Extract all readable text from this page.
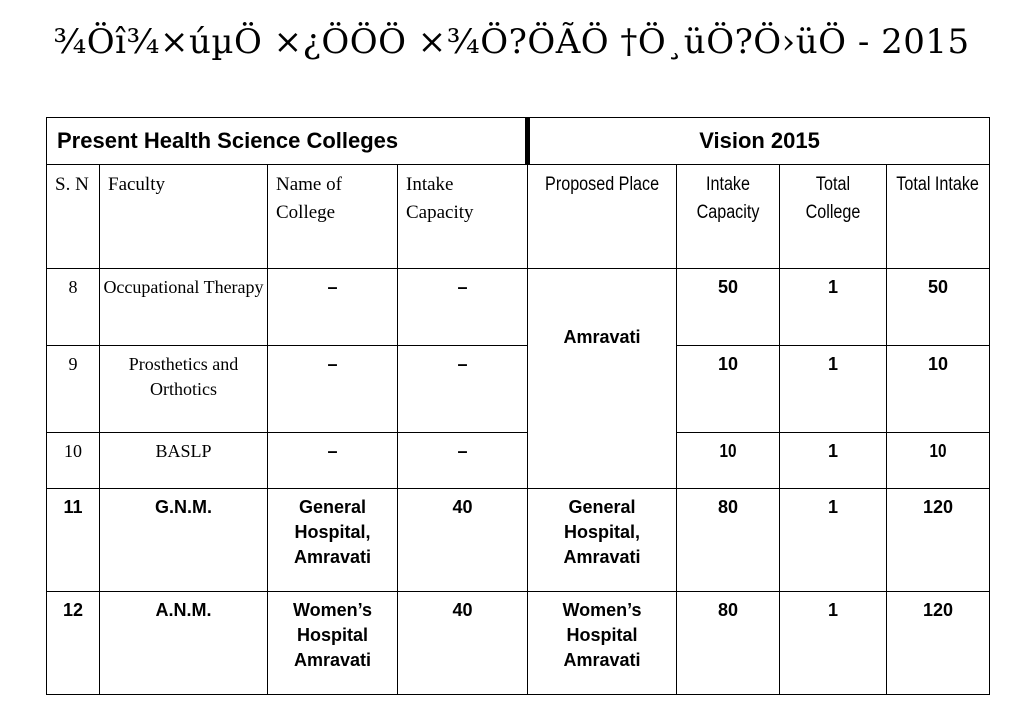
¾Öî¾×úµÖ ×¿ÖÖÖ ×¾Ö?ÖÃÖ †Ö¸üÖ?Ö›üÖ - 2015
Present Health Science Colleges				Vision 2015			
S. N	Faculty	Name of College	Intake Capacity	Proposed Place	Intake Capacity	Total College	Total Intake
8	Occupational Therapy	–	–	Amravati	50	1	50
9	Prosthetics and Orthotics	–	–		10	1	10
10	BASLP	–	–		10	1	10
11	G.N.M.	General Hospital, Amravati	40	General Hospital, Amravati	80	1	120
12	A.N.M.	Women’s Hospital Amravati	40	Women’s Hospital Amravati	80	1	120
